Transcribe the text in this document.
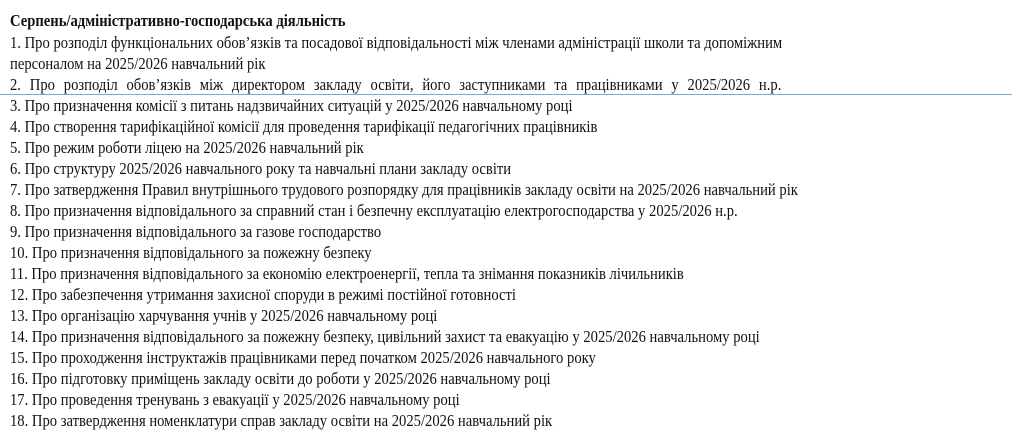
Серпень/адміністративно-господарська діяльність
1. Про розподіл функціональних обов’язків та посадової відповідальності між членами адміністрації школи та допоміжним
персоналом на 2025/2026 навчальний рік
2. Про розподіл обов’язків між директором закладу освіти, його заступниками та працівниками у 2025/2026 н.р.
3. Про призначення комісії з питань надзвичайних ситуацій у 2025/2026 навчальному році
4. Про створення тарифікаційної комісії для проведення тарифікації педагогічних працівників
5. Про режим роботи ліцею на 2025/2026 навчальний рік
6. Про структуру 2025/2026 навчального року та навчальні плани закладу освіти
7. Про затвердження Правил внутрішнього трудового розпорядку для працівників закладу освіти на 2025/2026 навчальний рік
8. Про призначення відповідального за справний стан і безпечну експлуатацію електрогосподарства у 2025/2026 н.р.
9. Про призначення відповідального за газове господарство
10. Про призначення відповідального за пожежну безпеку
11. Про призначення відповідального за економію електроенергії, тепла та знімання показників лічильників
12. Про забезпечення утримання захисної споруди в режимі постійної готовності
13. Про організацію харчування учнів у 2025/2026 навчальному році
14. Про призначення відповідального за пожежну безпеку, цивільний захист та евакуацію у 2025/2026 навчальному році
15. Про проходження інструктажів працівниками перед початком 2025/2026 навчального року
16. Про підготовку приміщень закладу освіти до роботи у 2025/2026 навчальному році
17. Про проведення тренувань з евакуації у 2025/2026 навчальному році
18. Про затвердження номенклатури справ закладу освіти на 2025/2026 навчальний рік
